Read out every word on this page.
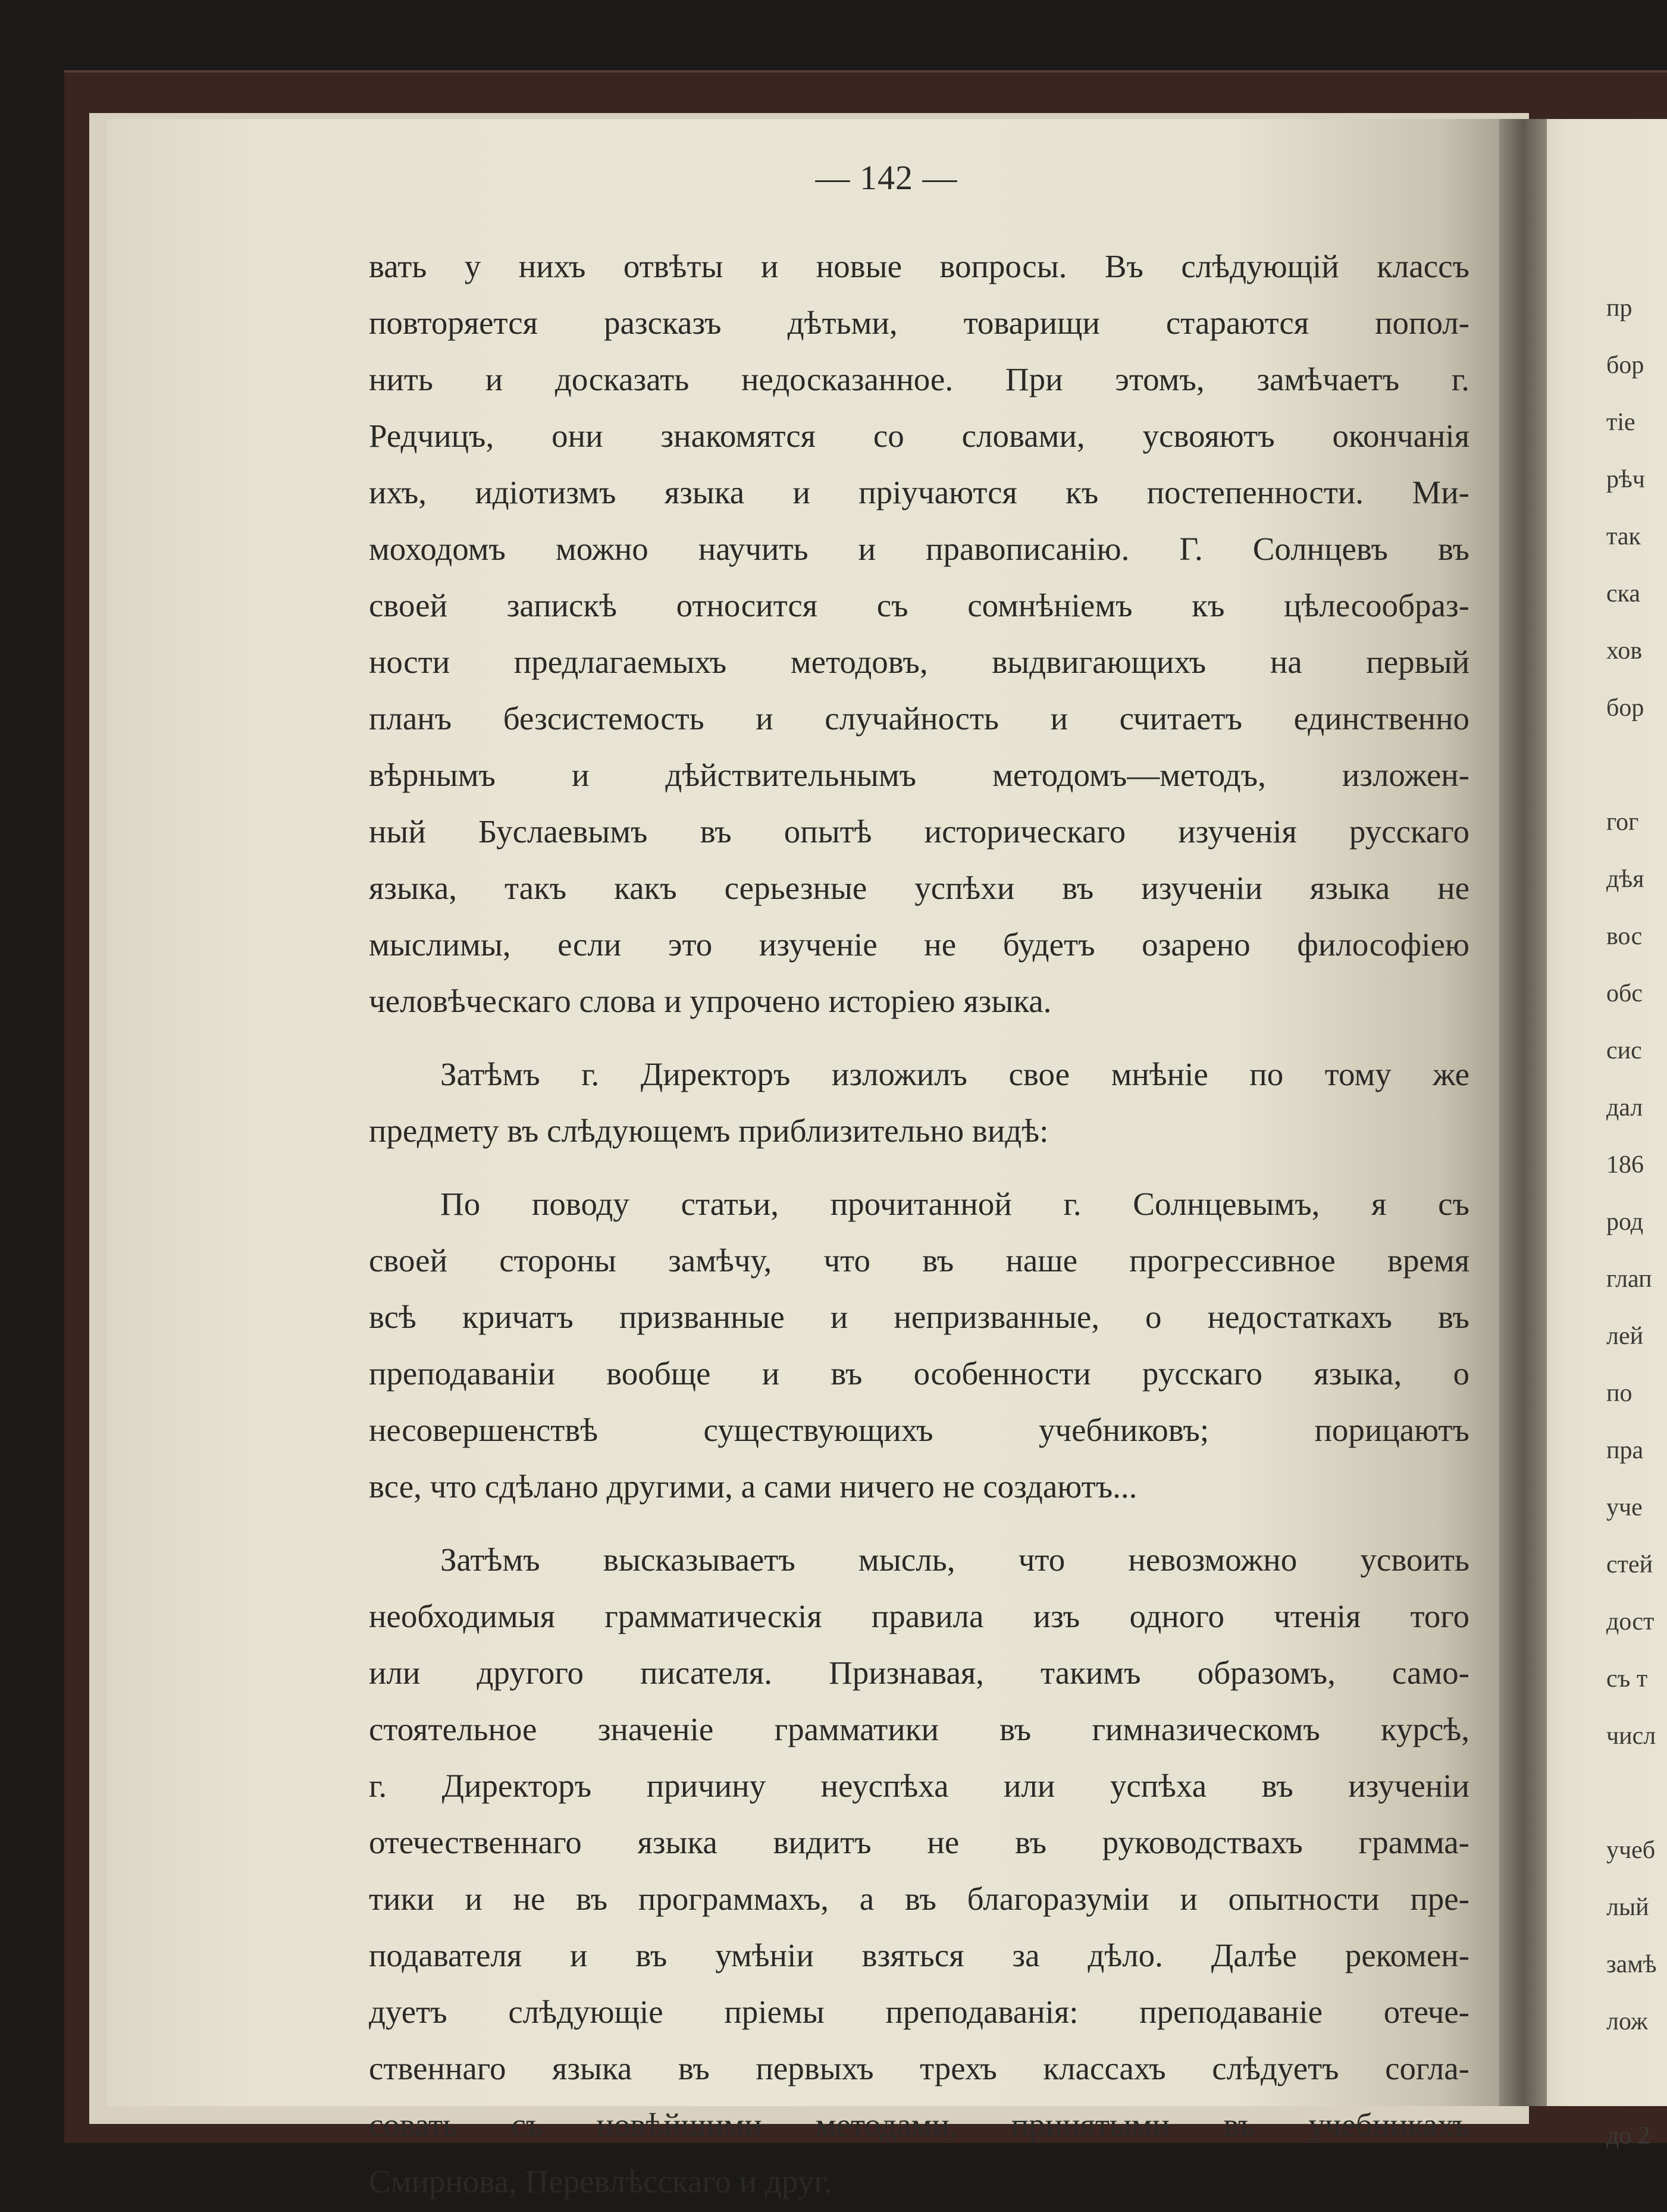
— 142 —
вать у нихъ отвѣты и новые вопросы. Въ слѣдующій классъ
повторяется разсказъ дѣтьми, товарищи стараются попол-
нить и досказать недосказанное. При этомъ, замѣчаетъ г.
Редчицъ, они знакомятся со словами, усвояютъ окончанія
ихъ, идіотизмъ языка и пріучаются къ постепенности. Ми-
моходомъ можно научить и правописанію. Г. Солнцевъ въ
своей запискѣ относится съ сомнѣніемъ къ цѣлесообраз-
ности предлагаемыхъ методовъ, выдвигающихъ на первый
планъ безсистемость и случайность и считаетъ единственно
вѣрнымъ и дѣйствительнымъ методомъ—методъ, изложен-
ный Буслаевымъ въ опытѣ историческаго изученія русскаго
языка, такъ какъ серьезные успѣхи въ изученіи языка не
мыслимы, если это изученіе не будетъ озарено философіею
человѣческаго слова и упрочено исторіею языка.
Затѣмъ г. Директоръ изложилъ свое мнѣніе по тому же
предмету въ слѣдующемъ приблизительно видѣ:
По поводу статьи, прочитанной г. Солнцевымъ, я съ
своей стороны замѣчу, что въ наше прогрессивное время
всѣ кричатъ призванные и непризванные, о недостаткахъ въ
преподаваніи вообще и въ особенности русскаго языка, о
несовершенствѣ существующихъ учебниковъ; порицаютъ
все, что сдѣлано другими, а сами ничего не создаютъ...
Затѣмъ высказываетъ мысль, что невозможно усвоить
необходимыя грамматическія правила изъ одного чтенія того
или другого писателя. Признавая, такимъ образомъ, само-
стоятельное значеніе грамматики въ гимназическомъ курсѣ,
г. Директоръ причину неуспѣха или успѣха въ изученіи
отечественнаго языка видитъ не въ руководствахъ грамма-
тики и не въ программахъ, а въ благоразуміи и опытности пре-
подавателя и въ умѣніи взяться за дѣло. Далѣе рекомен-
дуетъ слѣдующіе пріемы преподаванія: преподаваніе отече-
ственнаго языка въ первыхъ трехъ классахъ слѣдуетъ согла-
совать съ новѣйшими методами, принятыми въ учебникахъ
Смирнова, Перевлѣсскаго и друг.
пр
бор
тіе
рѣч
так
ска
хов
бор
гог
дѣя
вос
обс
сис
дал
186
род
глап
лей
по
пра
уче
стей
дост
съ т
числ
учеб
лый
замѣ
лож
до 2
